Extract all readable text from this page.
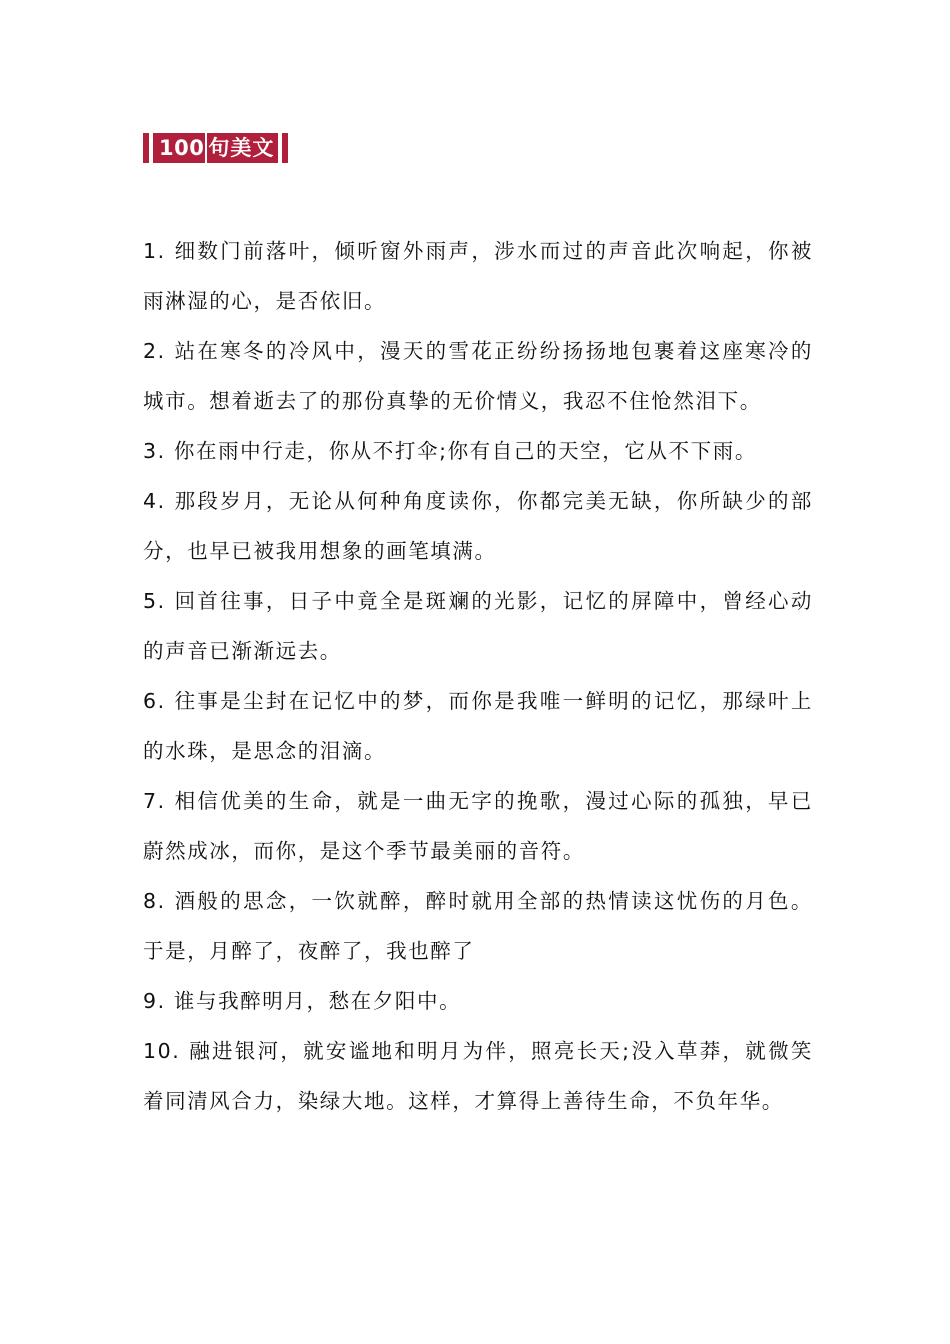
100 句美文
1. 细数门前落叶，倾听窗外雨声，涉水而过的声音此次响起，你被雨淋湿的心，是否依旧。
2. 站在寒冬的冷风中，漫天的雪花正纷纷扬扬地包裹着这座寒冷的城市。想着逝去了的那份真挚的无价情义，我忍不住怆然泪下。
3. 你在雨中行走，你从不打伞;你有自己的天空，它从不下雨。
4. 那段岁月，无论从何种角度读你，你都完美无缺，你所缺少的部分，也早已被我用想象的画笔填满。
5. 回首往事，日子中竟全是斑斓的光影，记忆的屏障中，曾经心动的声音已渐渐远去。
6. 往事是尘封在记忆中的梦，而你是我唯一鲜明的记忆，那绿叶上的水珠，是思念的泪滴。
7. 相信优美的生命，就是一曲无字的挽歌，漫过心际的孤独，早已蔚然成冰，而你，是这个季节最美丽的音符。
8. 酒般的思念，一饮就醉，醉时就用全部的热情读这忧伤的月色。于是，月醉了，夜醉了，我也醉了
9. 谁与我醉明月，愁在夕阳中。
10. 融进银河，就安谧地和明月为伴，照亮长天;没入草莽，就微笑着同清风合力，染绿大地。这样，才算得上善待生命，不负年华。
